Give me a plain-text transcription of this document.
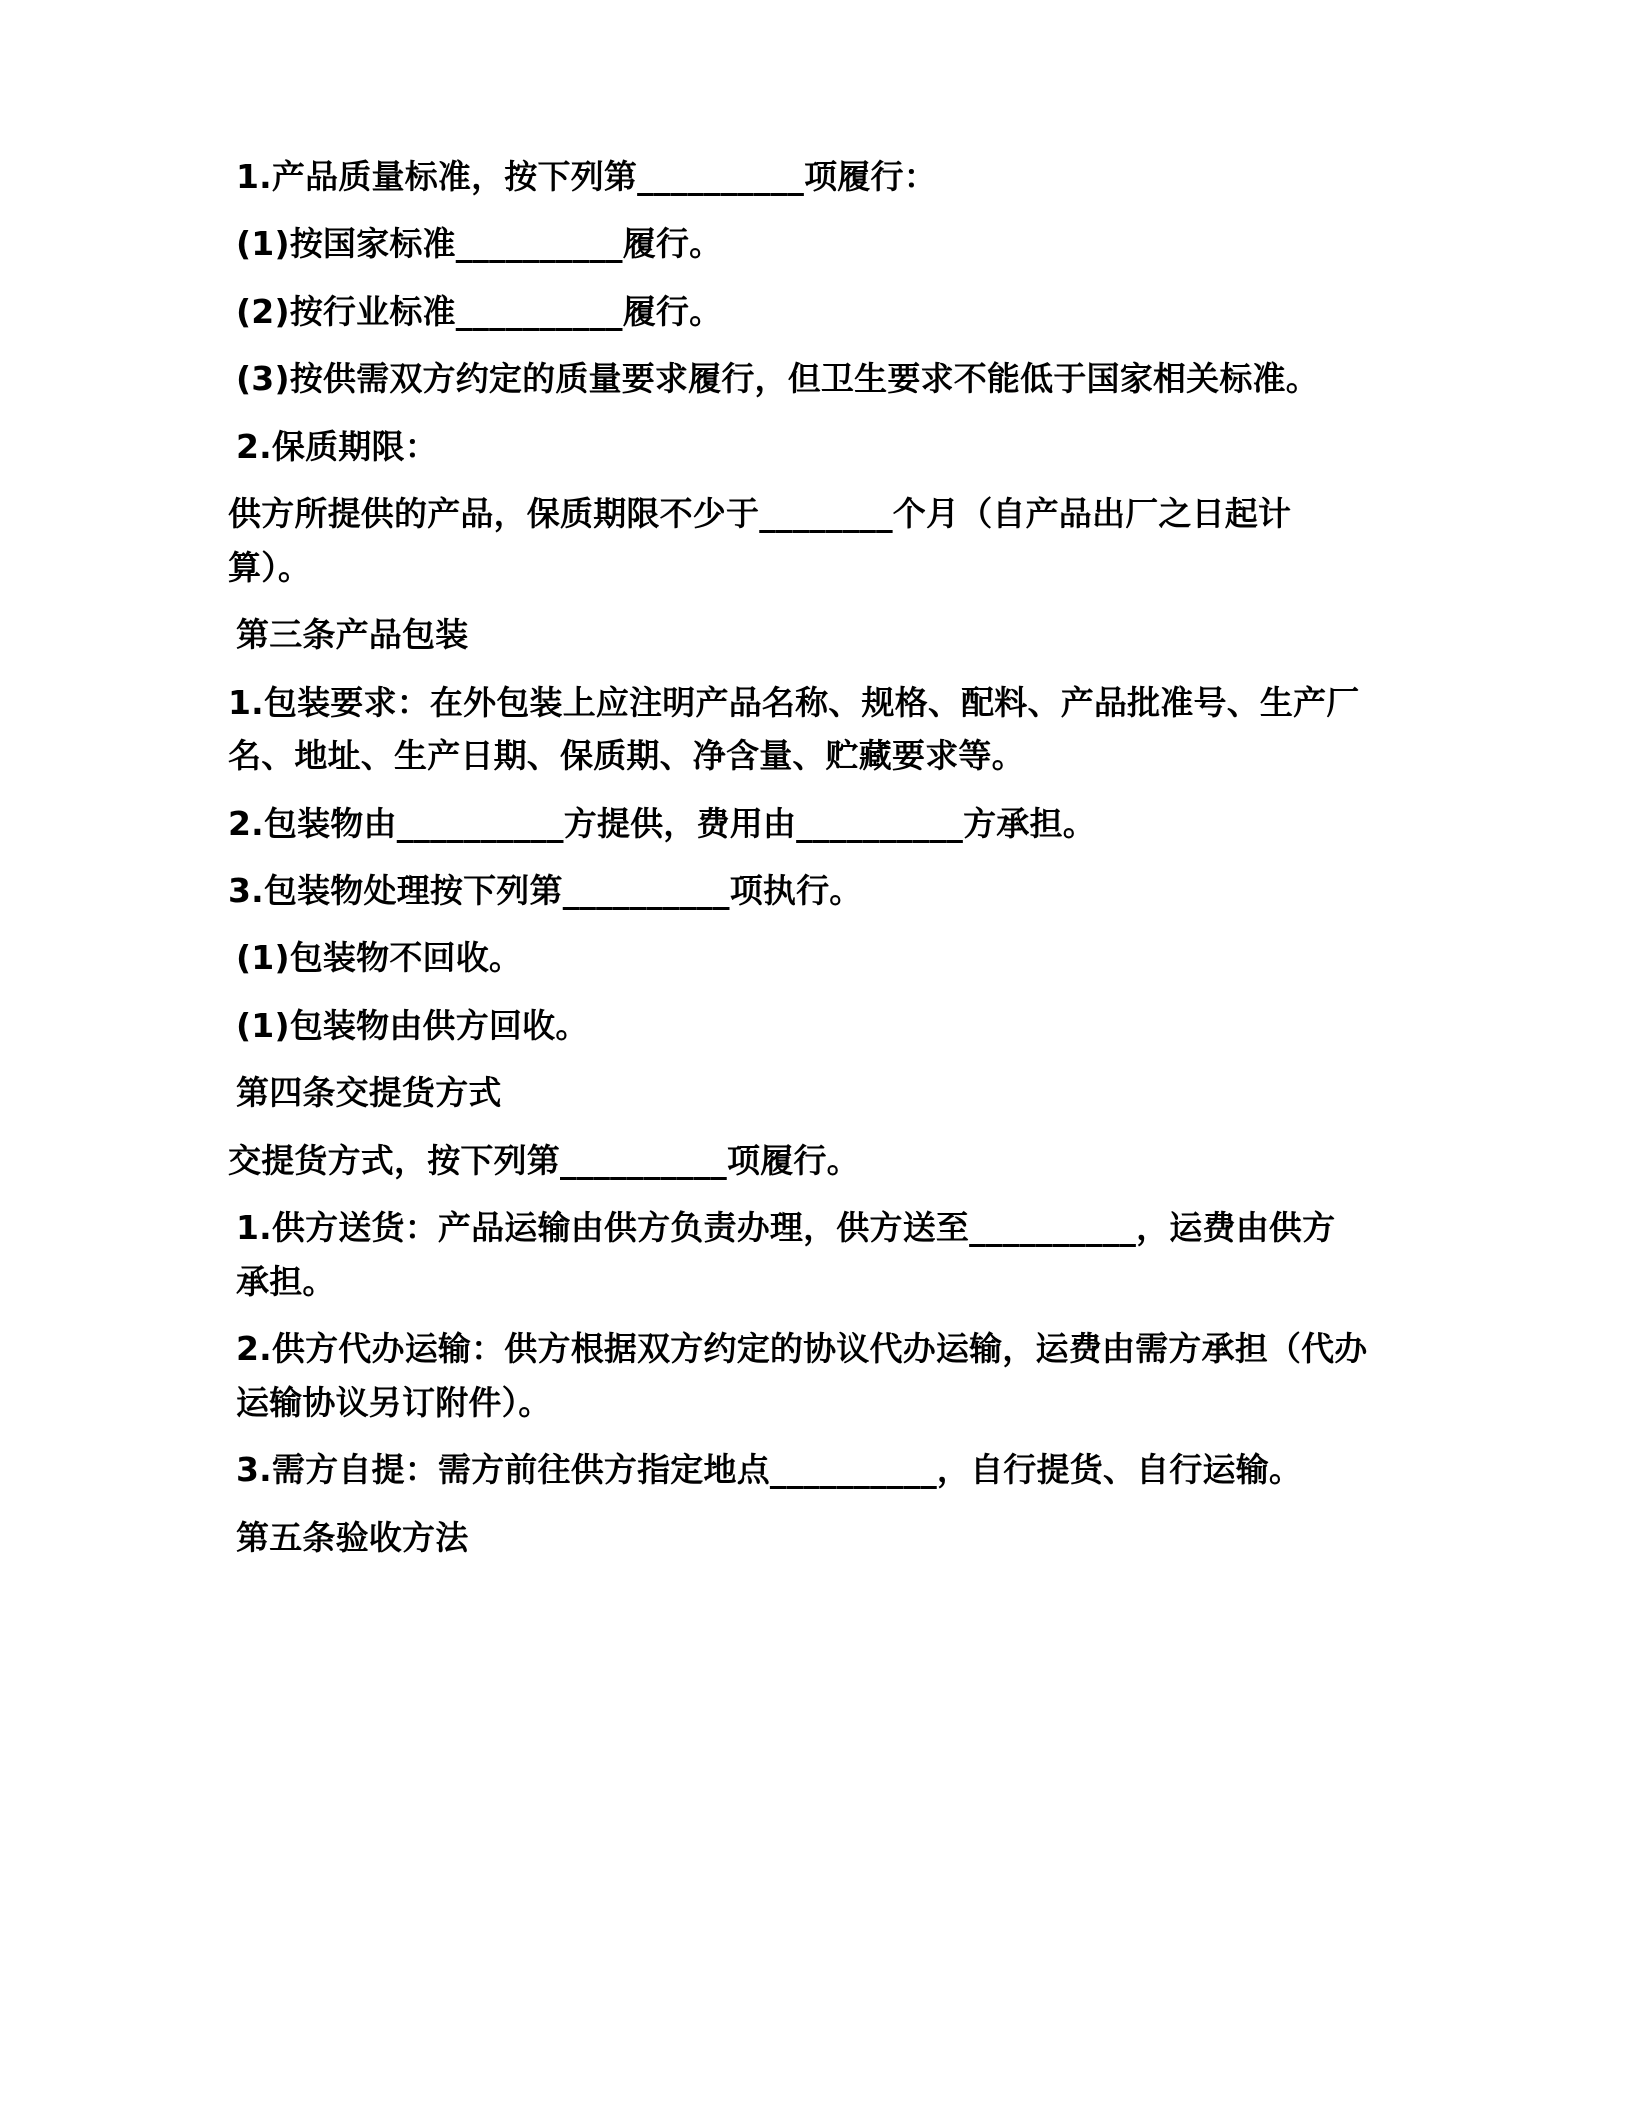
1.产品质量标准，按下列第__________项履行：

(1)按国家标准__________履行。

(2)按行业标准__________履行。

(3)按供需双方约定的质量要求履行，但卫生要求不能低于国家相关标准。

2.保质期限：

供方所提供的产品，保质期限不少于________个月（自产品出厂之日起计算）。

第三条产品包装

1.包装要求：在外包装上应注明产品名称、规格、配料、产品批准号、生产厂名、地址、生产日期、保质期、净含量、贮藏要求等。

2.包装物由__________方提供，费用由__________方承担。

3.包装物处理按下列第__________项执行。

(1)包装物不回收。

(1)包装物由供方回收。

第四条交提货方式

交提货方式，按下列第__________项履行。

1.供方送货：产品运输由供方负责办理，供方送至__________，运费由供方承担。

2.供方代办运输：供方根据双方约定的协议代办运输，运费由需方承担（代办运输协议另订附件）。

3.需方自提：需方前往供方指定地点__________，自行提货、自行运输。

第五条验收方法
